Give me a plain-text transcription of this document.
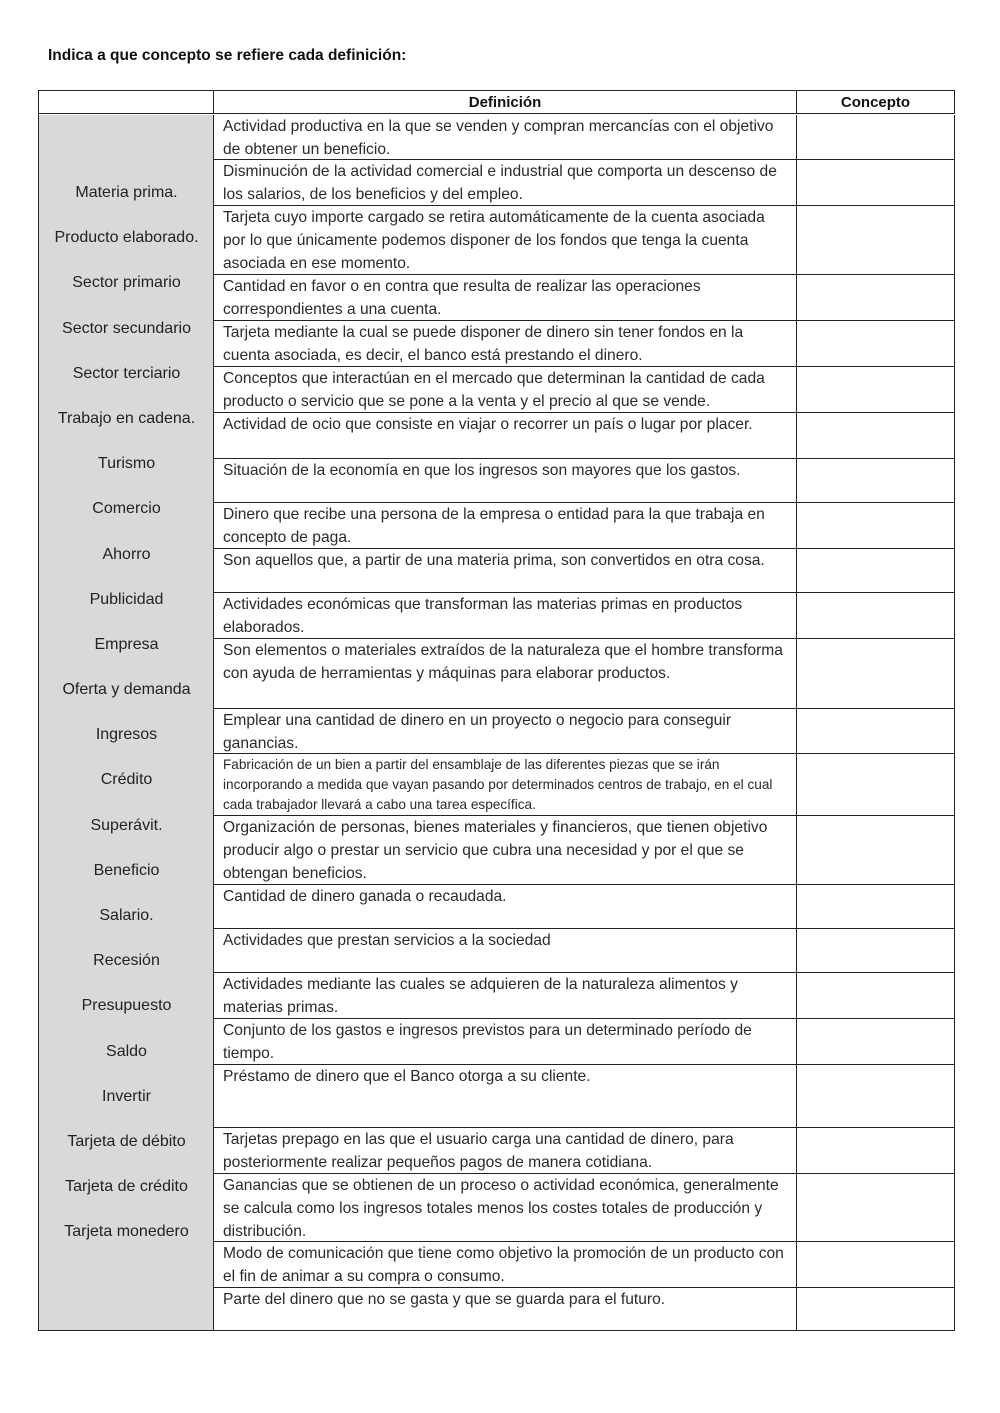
Indica a que concepto se refiere cada definición:
Definición	Concepto
Materia prima.
Producto elaborado.
Sector primario
Sector secundario
Sector terciario
Trabajo en cadena.
Turismo
Comercio
Ahorro
Publicidad
Empresa
Oferta y demanda
Ingresos
Crédito
Superávit.
Beneficio
Salario.
Recesión
Presupuesto
Saldo
Invertir
Tarjeta de débito
Tarjeta de crédito
Tarjeta monedero
Actividad productiva en la que se venden y compran mercancías con el objetivo de obtener un beneficio.
Disminución de la actividad comercial e industrial que comporta un descenso de los salarios, de los beneficios y del empleo.
Tarjeta cuyo importe cargado se retira automáticamente de la cuenta asociada por lo que únicamente podemos disponer de los fondos que tenga la cuenta asociada en ese momento.
Cantidad en favor o en contra que resulta de realizar las operaciones correspondientes a una cuenta.
Tarjeta mediante la cual se puede disponer de dinero sin tener fondos en la cuenta asociada, es decir, el banco está prestando el dinero.
Conceptos que interactúan en el mercado que determinan la cantidad de cada producto o servicio que se pone a la venta y el precio al que se vende.
Actividad de ocio que consiste en viajar o recorrer un país o lugar por placer.
Situación de la economía en que los ingresos son mayores que los gastos.
Dinero que recibe una persona de la empresa o entidad para la que trabaja en concepto de paga.
Son aquellos que, a partir de una materia prima, son convertidos en otra cosa.
Actividades económicas que transforman las materias primas en productos elaborados.
Son elementos o materiales extraídos de la naturaleza que el hombre transforma con ayuda de herramientas y máquinas para elaborar productos.
Emplear una cantidad de dinero en un proyecto o negocio para conseguir ganancias.
Fabricación de un bien a partir del ensamblaje de las diferentes piezas que se irán incorporando a medida que vayan pasando por determinados centros de trabajo, en el cual cada trabajador llevará a cabo una tarea específica.
Organización de personas, bienes materiales y financieros, que tienen objetivo producir algo o prestar un servicio que cubra una necesidad y por el que se obtengan beneficios.
Cantidad de dinero ganada o recaudada.
Actividades que prestan servicios a la sociedad
Actividades mediante las cuales se adquieren de la naturaleza alimentos y materias primas.
Conjunto de los gastos e ingresos previstos para un determinado período de tiempo.
Préstamo de dinero que el Banco otorga a su cliente.
Tarjetas prepago en las que el usuario carga una cantidad de dinero, para posteriormente realizar pequeños pagos de manera cotidiana.
Ganancias que se obtienen de un proceso o actividad económica, generalmente se calcula como los ingresos totales menos los costes totales de producción y distribución.
Modo de comunicación que tiene como objetivo la promoción de un producto con el fin de animar a su compra o consumo.
Parte del dinero que no se gasta y que se guarda para el futuro.
